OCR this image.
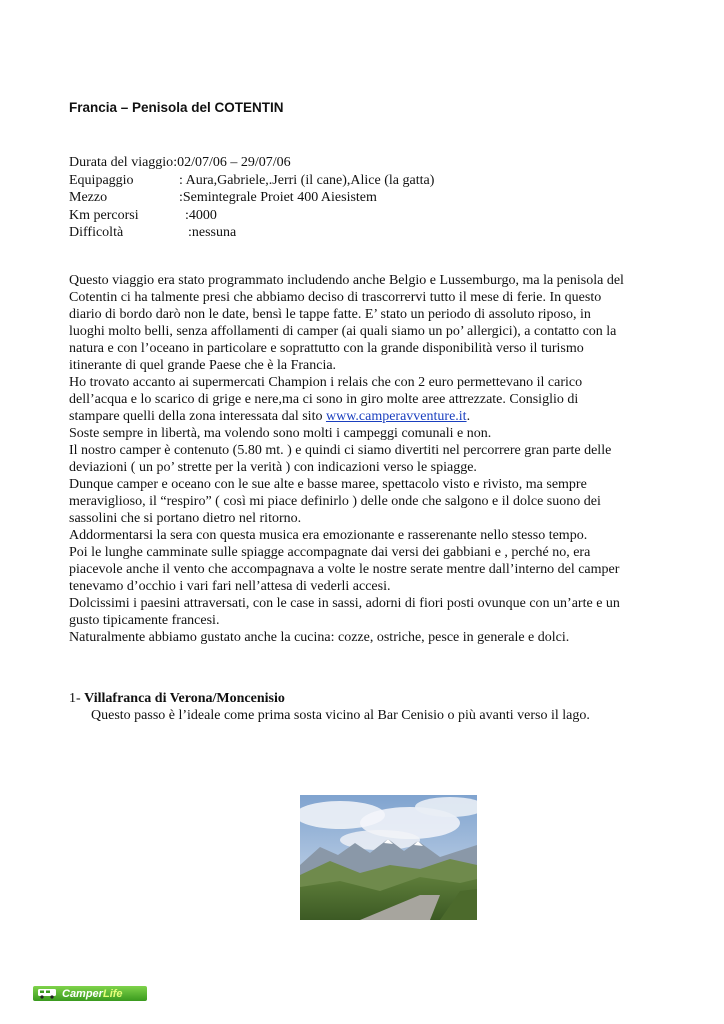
Francia – Penisola del COTENTIN
Durata del viaggio :02/07/06 – 29/07/06
Equipaggio	: Aura,Gabriele,.Jerri (il cane),Alice (la gatta)
Mezzo	:Semintegrale Proiet 400 Aiesistem
Km percorsi	:4000
Difficoltà	:nessuna
Questo viaggio era stato programmato includendo anche Belgio e Lussemburgo, ma la penisola del
Cotentin ci ha talmente presi che abbiamo deciso di trascorrervi tutto il mese di ferie. In questo
diario di bordo darò non le date, bensì le tappe fatte. E’ stato un periodo di assoluto riposo, in
luoghi molto belli, senza affollamenti di camper (ai quali siamo un po’ allergici), a contatto con la
natura e con l’oceano in particolare e soprattutto con la grande disponibilità verso il turismo
itinerante di quel grande Paese che è la Francia.
Ho trovato accanto ai supermercati Champion i relais che con 2 euro permettevano il carico
dell’acqua e lo scarico di grige e nere,ma ci sono in giro molte aree attrezzate. Consiglio di
stampare quelli della zona interessata dal sito www.camperavventure.it.
Soste sempre in libertà, ma volendo sono molti i campeggi comunali e non.
Il nostro camper è contenuto (5.80 mt. ) e quindi ci siamo divertiti nel percorrere gran parte delle
deviazioni ( un po’ strette per la verità ) con indicazioni verso le spiagge.
Dunque camper e oceano con le sue alte e basse maree, spettacolo visto e rivisto, ma sempre
meraviglioso, il “respiro” ( così mi piace definirlo ) delle onde che salgono e il dolce suono dei
sassolini che si portano dietro nel ritorno.
Addormentarsi la sera con questa musica era emozionante e rasserenante nello stesso tempo.
Poi le lunghe camminate sulle spiagge accompagnate dai versi dei gabbiani e , perché no, era
piacevole anche il vento che accompagnava a volte le nostre serate mentre dall’interno del camper
tenevamo d’occhio i vari fari nell’attesa di vederli accesi.
Dolcissimi i paesini attraversati, con le case in sassi, adorni di fiori posti ovunque con un’arte e un
gusto tipicamente francesi.
Naturalmente abbiamo gustato anche la cucina: cozze, ostriche, pesce in generale e dolci.
1- Villafranca di Verona/Moncenisio
Questo passo è l’ideale come prima sosta vicino al Bar Cenisio o più avanti verso il lago.
Camper Life
